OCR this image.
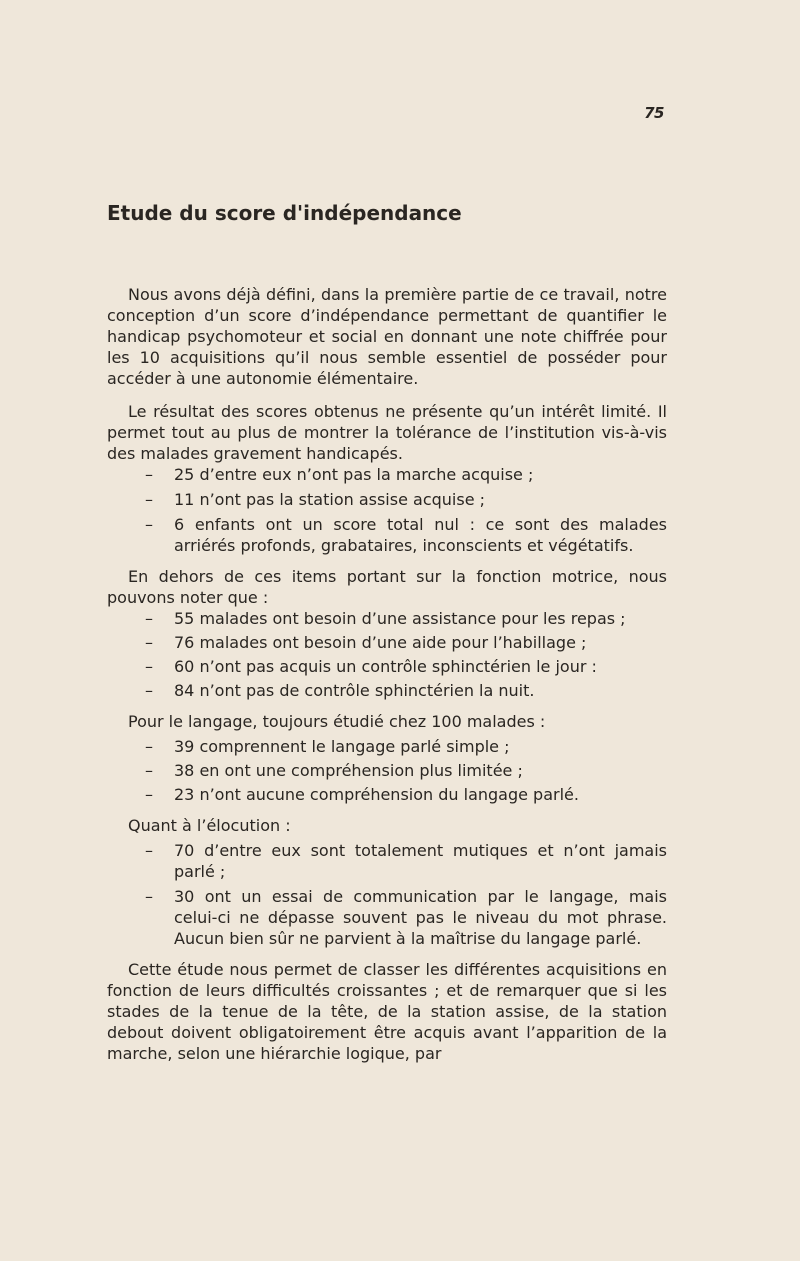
75
Etude du score d'indépendance

Nous avons déjà défini, dans la première partie de ce travail, notre conception d’un score d’indépendance permettant de quantifier le handicap psychomoteur et social en donnant une note chiffrée pour les 10 acquisitions qu’il nous semble essentiel de posséder pour accéder à une autonomie élémentaire.

Le résultat des scores obtenus ne présente qu’un intérêt limité. Il permet tout au plus de montrer la tolérance de l’institution vis-à-vis des malades gravement handicapés.

– 25 d’entre eux n’ont pas la marche acquise ;
– 11 n’ont pas la station assise acquise ;
– 6 enfants ont un score total nul : ce sont des malades arriérés profonds, grabataires, inconscients et végétatifs.

En dehors de ces items portant sur la fonction motrice, nous pouvons noter que :

– 55 malades ont besoin d’une assistance pour les repas ;
– 76 malades ont besoin d’une aide pour l’habillage ;
– 60 n’ont pas acquis un contrôle sphinctérien le jour :
– 84 n’ont pas de contrôle sphinctérien la nuit.

Pour le langage, toujours étudié chez 100 malades :

– 39 comprennent le langage parlé simple ;
– 38 en ont une compréhension plus limitée ;
– 23 n’ont aucune compréhension du langage parlé.

Quant à l’élocution :

– 70 d’entre eux sont totalement mutiques et n’ont jamais parlé ;
– 30 ont un essai de communication par le langage, mais celui-ci ne dépasse souvent pas le niveau du mot phrase. Aucun bien sûr ne parvient à la maîtrise du langage parlé.

Cette étude nous permet de classer les différentes acquisitions en fonction de leurs difficultés croissantes ; et de remarquer que si les stades de la tenue de la tête, de la station assise, de la station debout doivent obligatoirement être acquis avant l’apparition de la marche, selon une hiérarchie logique, par
